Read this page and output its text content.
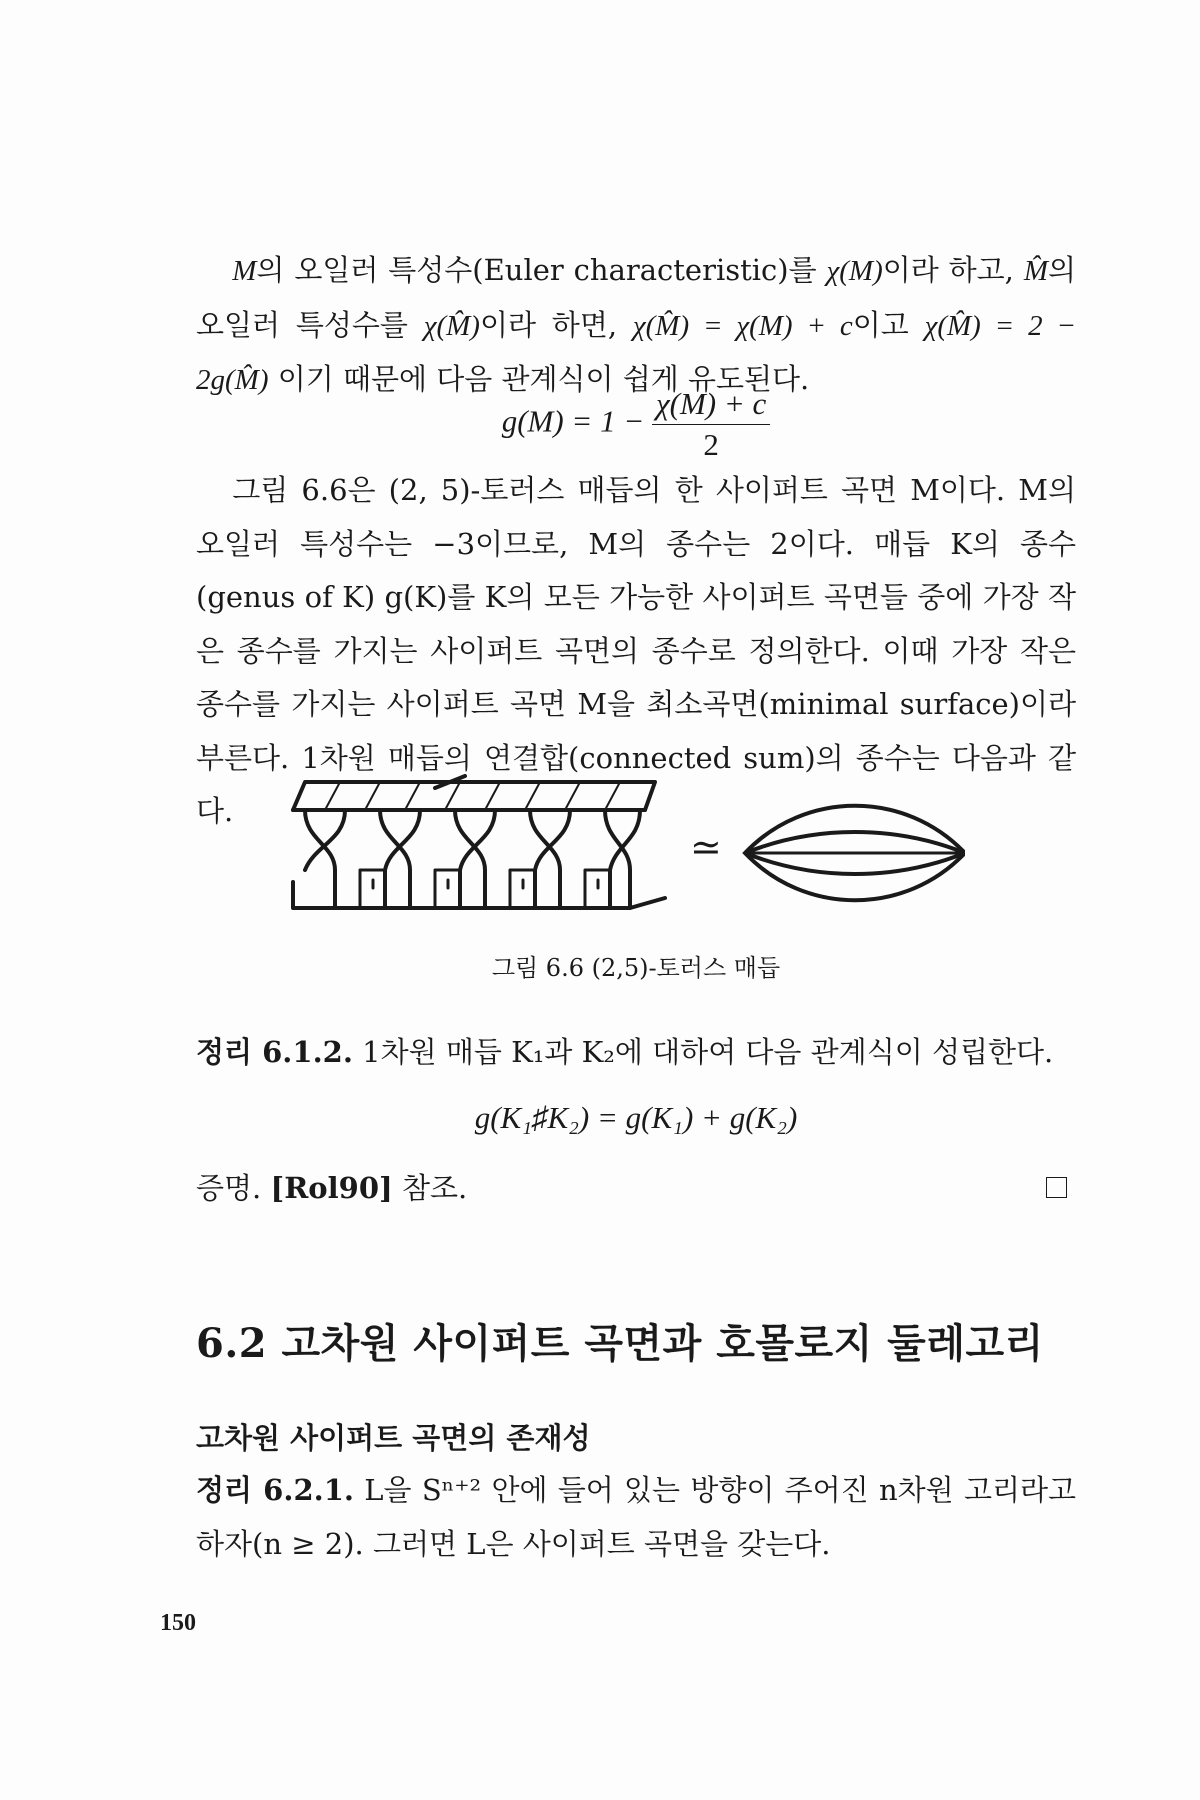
M의 오일러 특성수(Euler characteristic)를 χ(M)이라 하고, M̂의 오일러 특성수를 χ(M̂)이라 하면, χ(M̂) = χ(M) + c이고 χ(M̂) = 2 − 2g(M̂) 이기 때문에 다음 관계식이 쉽게 유도된다.
$g(M) = 1 - \frac{\chi(M) + c}{2}$
그림 6.6은 (2, 5)-토러스 매듭의 한 사이퍼트 곡면 M이다. M의 오일러 특성수는 −3이므로, M의 종수는 2이다. 매듭 K의 종수(genus of K) g(K)를 K의 모든 가능한 사이퍼트 곡면들 중에 가장 작은 종수를 가지는 사이퍼트 곡면의 종수로 정의한다. 이때 가장 작은 종수를 가지는 사이퍼트 곡면 M을 최소곡면(minimal surface)이라 부른다. 1차원 매듭의 연결합(connected sum)의 종수는 다음과 같다.
≃
그림 6.6 (2,5)-토러스 매듭
정리 6.1.2. 1차원 매듭 K₁과 K₂에 대하여 다음 관계식이 성립한다.
g(K₁♯K₂) = g(K₁) + g(K₂)
증명. [Rol90] 참조.
6.2 고차원 사이퍼트 곡면과 호몰로지 둘레고리
고차원 사이퍼트 곡면의 존재성
정리 6.2.1. L을 Sⁿ⁺² 안에 들어 있는 방향이 주어진 n차원 고리라고 하자(n ≥ 2). 그러면 L은 사이퍼트 곡면을 갖는다.
150
